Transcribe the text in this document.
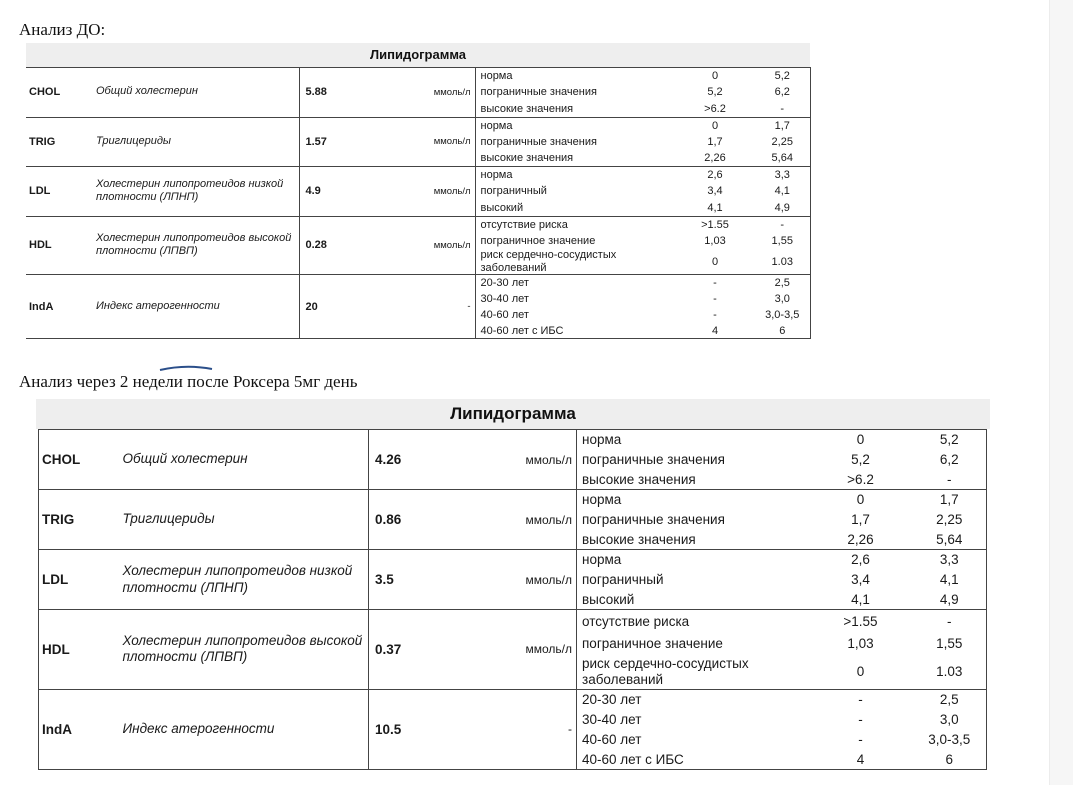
Анализ ДО:
Липидограмма
CHOL	Общий холестерин	5.88	ммоль/л	норма	0	5,2
				пограничные значения	5,2	6,2
				высокие значения	>6.2	-
TRIG	Триглицериды	1.57	ммоль/л	норма	0	1,7
				пограничные значения	1,7	2,25
				высокие значения	2,26	5,64
LDL	Холестерин липопротеидов низкой плотности (ЛПНП)	4.9	ммоль/л	норма	2,6	3,3
				пограничный	3,4	4,1
				высокий	4,1	4,9
HDL	Холестерин липопротеидов высокой плотности (ЛПВП)	0.28	ммоль/л	отсутствие риска	>1.55	-
				пограничное значение	1,03	1,55
				риск сердечно-сосудистых заболеваний	0	1.03
IndA	Индекс атерогенности	20	-	20-30 лет	-	2,5
				30-40 лет	-	3,0
				40-60 лет	-	3,0-3,5
				40-60 лет с ИБС	4	6
Анализ через 2 недели после Роксера 5мг день
Липидограмма
CHOL	Общий холестерин	4.26	ммоль/л	норма	0	5,2
				пограничные значения	5,2	6,2
				высокие значения	>6.2	-
TRIG	Триглицериды	0.86	ммоль/л	норма	0	1,7
				пограничные значения	1,7	2,25
				высокие значения	2,26	5,64
LDL	Холестерин липопротеидов низкой плотности (ЛПНП)	3.5	ммоль/л	норма	2,6	3,3
				пограничный	3,4	4,1
				высокий	4,1	4,9
HDL	Холестерин липопротеидов высокой плотности (ЛПВП)	0.37	ммоль/л	отсутствие риска	>1.55	-
				пограничное значение	1,03	1,55
				риск сердечно-сосудистых заболеваний	0	1.03
IndA	Индекс атерогенности	10.5	-	20-30 лет	-	2,5
				30-40 лет	-	3,0
				40-60 лет	-	3,0-3,5
				40-60 лет с ИБС	4	6
